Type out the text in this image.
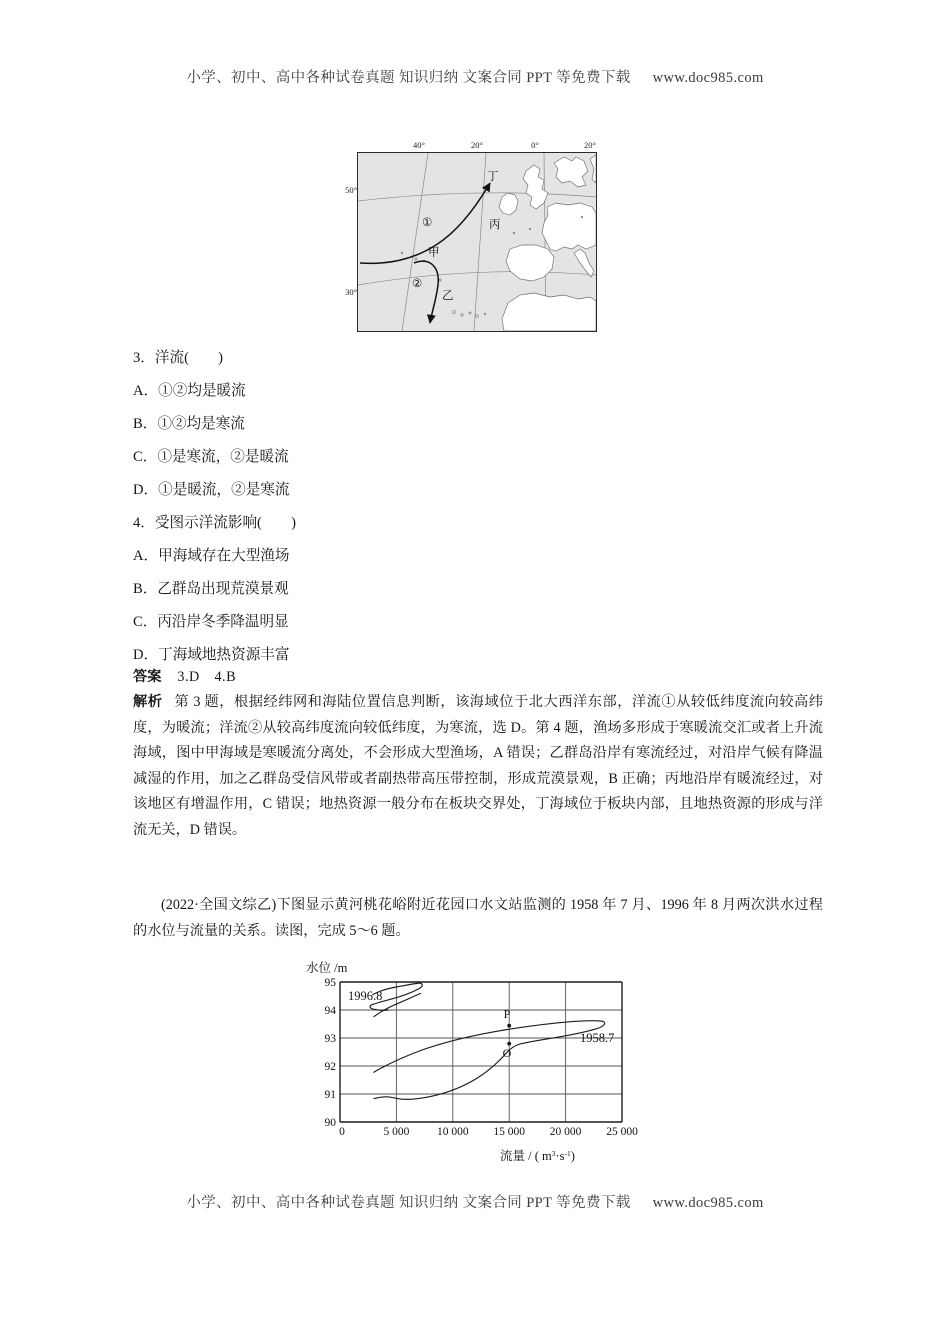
小学、初中、高中各种试卷真题 知识归纳 文案合同 PPT 等免费下载 www.doc985.com
40°	20°	0°	20°
50°
30°
①
②
甲
乙
丙
丁
3．洋流(　　)
A．①②均是暖流
B．①②均是寒流
C．①是寒流，②是暖流
D．①是暖流，②是寒流
4．受图示洋流影响(　　)
A．甲海域存在大型渔场
B．乙群岛出现荒漠景观
C．丙沿岸冬季降温明显
D．丁海域地热资源丰富
答案 3.D　4.B
解析 第 3 题，根据经纬网和海陆位置信息判断，该海域位于北大西洋东部，洋流①从较低纬度流向较高纬度，为暖流；洋流②从较高纬度流向较低纬度，为寒流，选 D。第 4 题，渔场多形成于寒暖流交汇或者上升流海域，图中甲海域是寒暖流分离处，不会形成大型渔场，A 错误；乙群岛沿岸有寒流经过，对沿岸气候有降温减湿的作用，加之乙群岛受信风带或者副热带高压带控制，形成荒漠景观，B 正确；丙地沿岸有暖流经过，对该地区有增温作用，C 错误；地热资源一般分布在板块交界处，丁海域位于板块内部，且地热资源的形成与洋流无关，D 错误。
(2022·全国文综乙)下图显示黄河桃花峪附近花园口水文站监测的 1958 年 7 月、1996 年 8 月两次洪水过程的水位与流量的关系。读图，完成 5～6 题。
水位 /m
90
91
92
93
94
95
0	5 000 10 000 15 000 20 000 25 000
P
O
1996.8
1958.7
流量 / ( $m^3\cdot s^{-1}$)
小学、初中、高中各种试卷真题 知识归纳 文案合同 PPT 等免费下载 www.doc985.com
